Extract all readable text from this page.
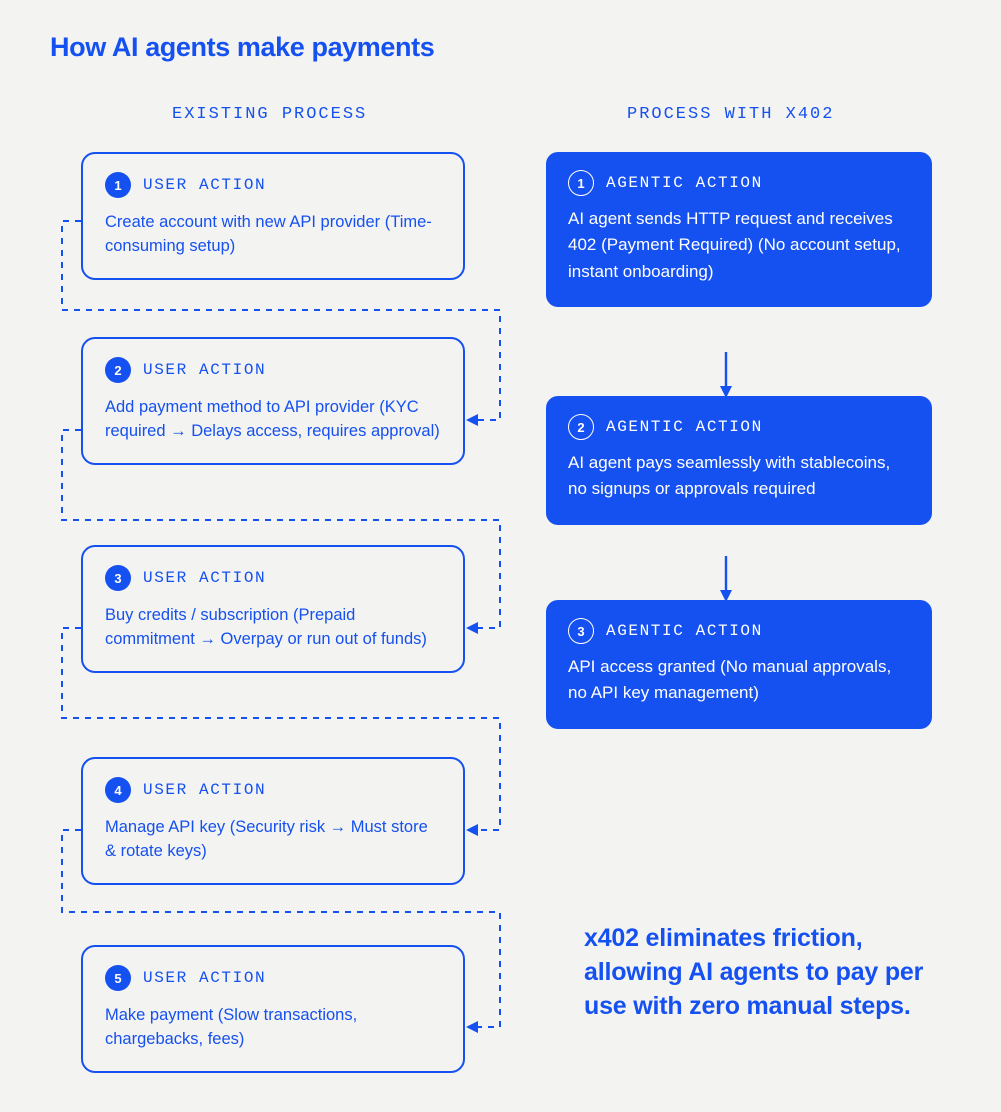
How AI agents make payments
EXISTING PROCESS	PROCESS WITH X402
1	USER ACTION
Create account with new API provider (Time-consuming setup)
2	USER ACTION
Add payment method to API provider (KYC required → Delays access, requires approval)
3	USER ACTION
Buy credits / subscription (Prepaid commitment → Overpay or run out of funds)
4	USER ACTION
Manage API key (Security risk → Must store & rotate keys)
5	USER ACTION
Make payment (Slow transactions, chargebacks, fees)
1	AGENTIC ACTION
AI agent sends HTTP request and receives 402 (Payment Required) (No account setup, instant onboarding)
2	AGENTIC ACTION
AI agent pays seamlessly with stablecoins, no signups or approvals required
3	AGENTIC ACTION
API access granted (No manual approvals, no API key management)
x402 eliminates friction, allowing AI agents to pay per use with zero manual steps.
